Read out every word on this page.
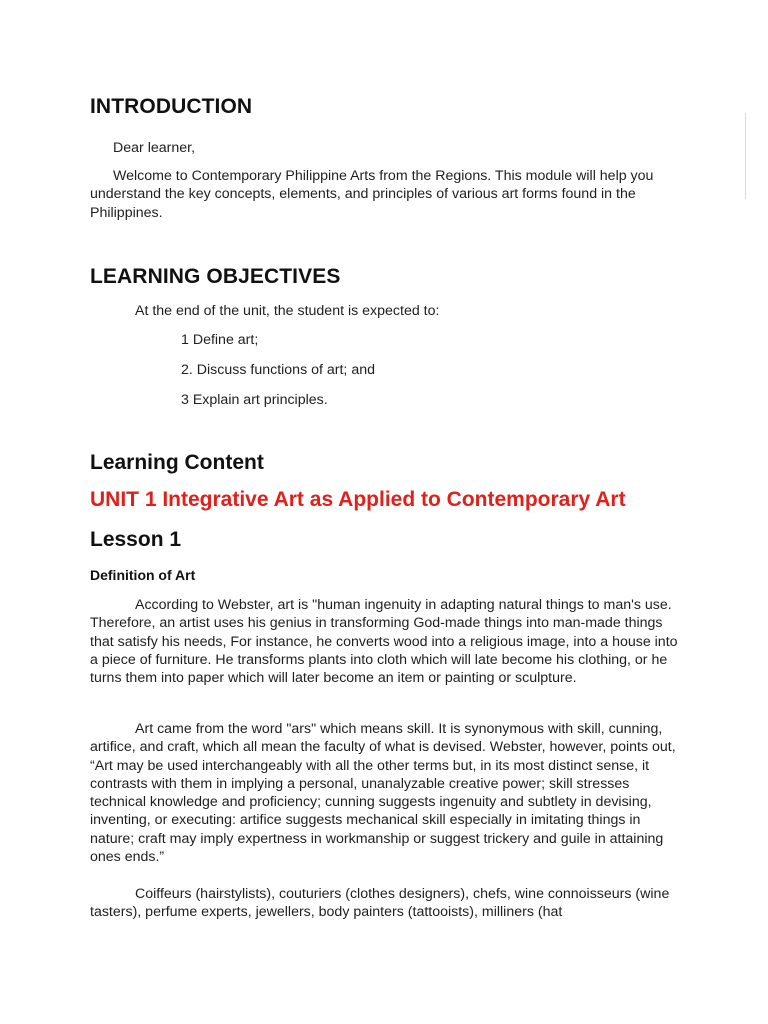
INTRODUCTION

Dear learner,

Welcome to Contemporary Philippine Arts from the Regions. This module will help you understand the key concepts, elements, and principles of various art forms found in the Philippines.

LEARNING OBJECTIVES

At the end of the unit, the student is expected to:

1 Define art;

2. Discuss functions of art; and

3 Explain art principles.

Learning Content
UNIT 1 Integrative Art as Applied to Contemporary Art
Lesson 1
Definition of Art

According to Webster, art is "human ingenuity in adapting natural things to man's use. Therefore, an artist uses his genius in transforming God-made things into man-made things that satisfy his needs, For instance, he converts wood into a religious image, into a house into a piece of furniture. He transforms plants into cloth which will late become his clothing, or he turns them into paper which will later become an item or painting or sculpture.

Art came from the word "ars" which means skill. It is synonymous with skill, cunning, artifice, and craft, which all mean the faculty of what is devised. Webster, however, points out, “Art may be used interchangeably with all the other terms but, in its most distinct sense, it contrasts with them in implying a personal, unanalyzable creative power; skill stresses technical knowledge and proficiency; cunning suggests ingenuity and subtlety in devising, inventing, or executing: artifice suggests mechanical skill especially in imitating things in nature; craft may imply expertness in workmanship or suggest trickery and guile in attaining ones ends.”

Coiffeurs (hairstylists), couturiers (clothes designers), chefs, wine connoisseurs (wine tasters), perfume experts, jewellers, body painters (tattooists), milliners (hat
